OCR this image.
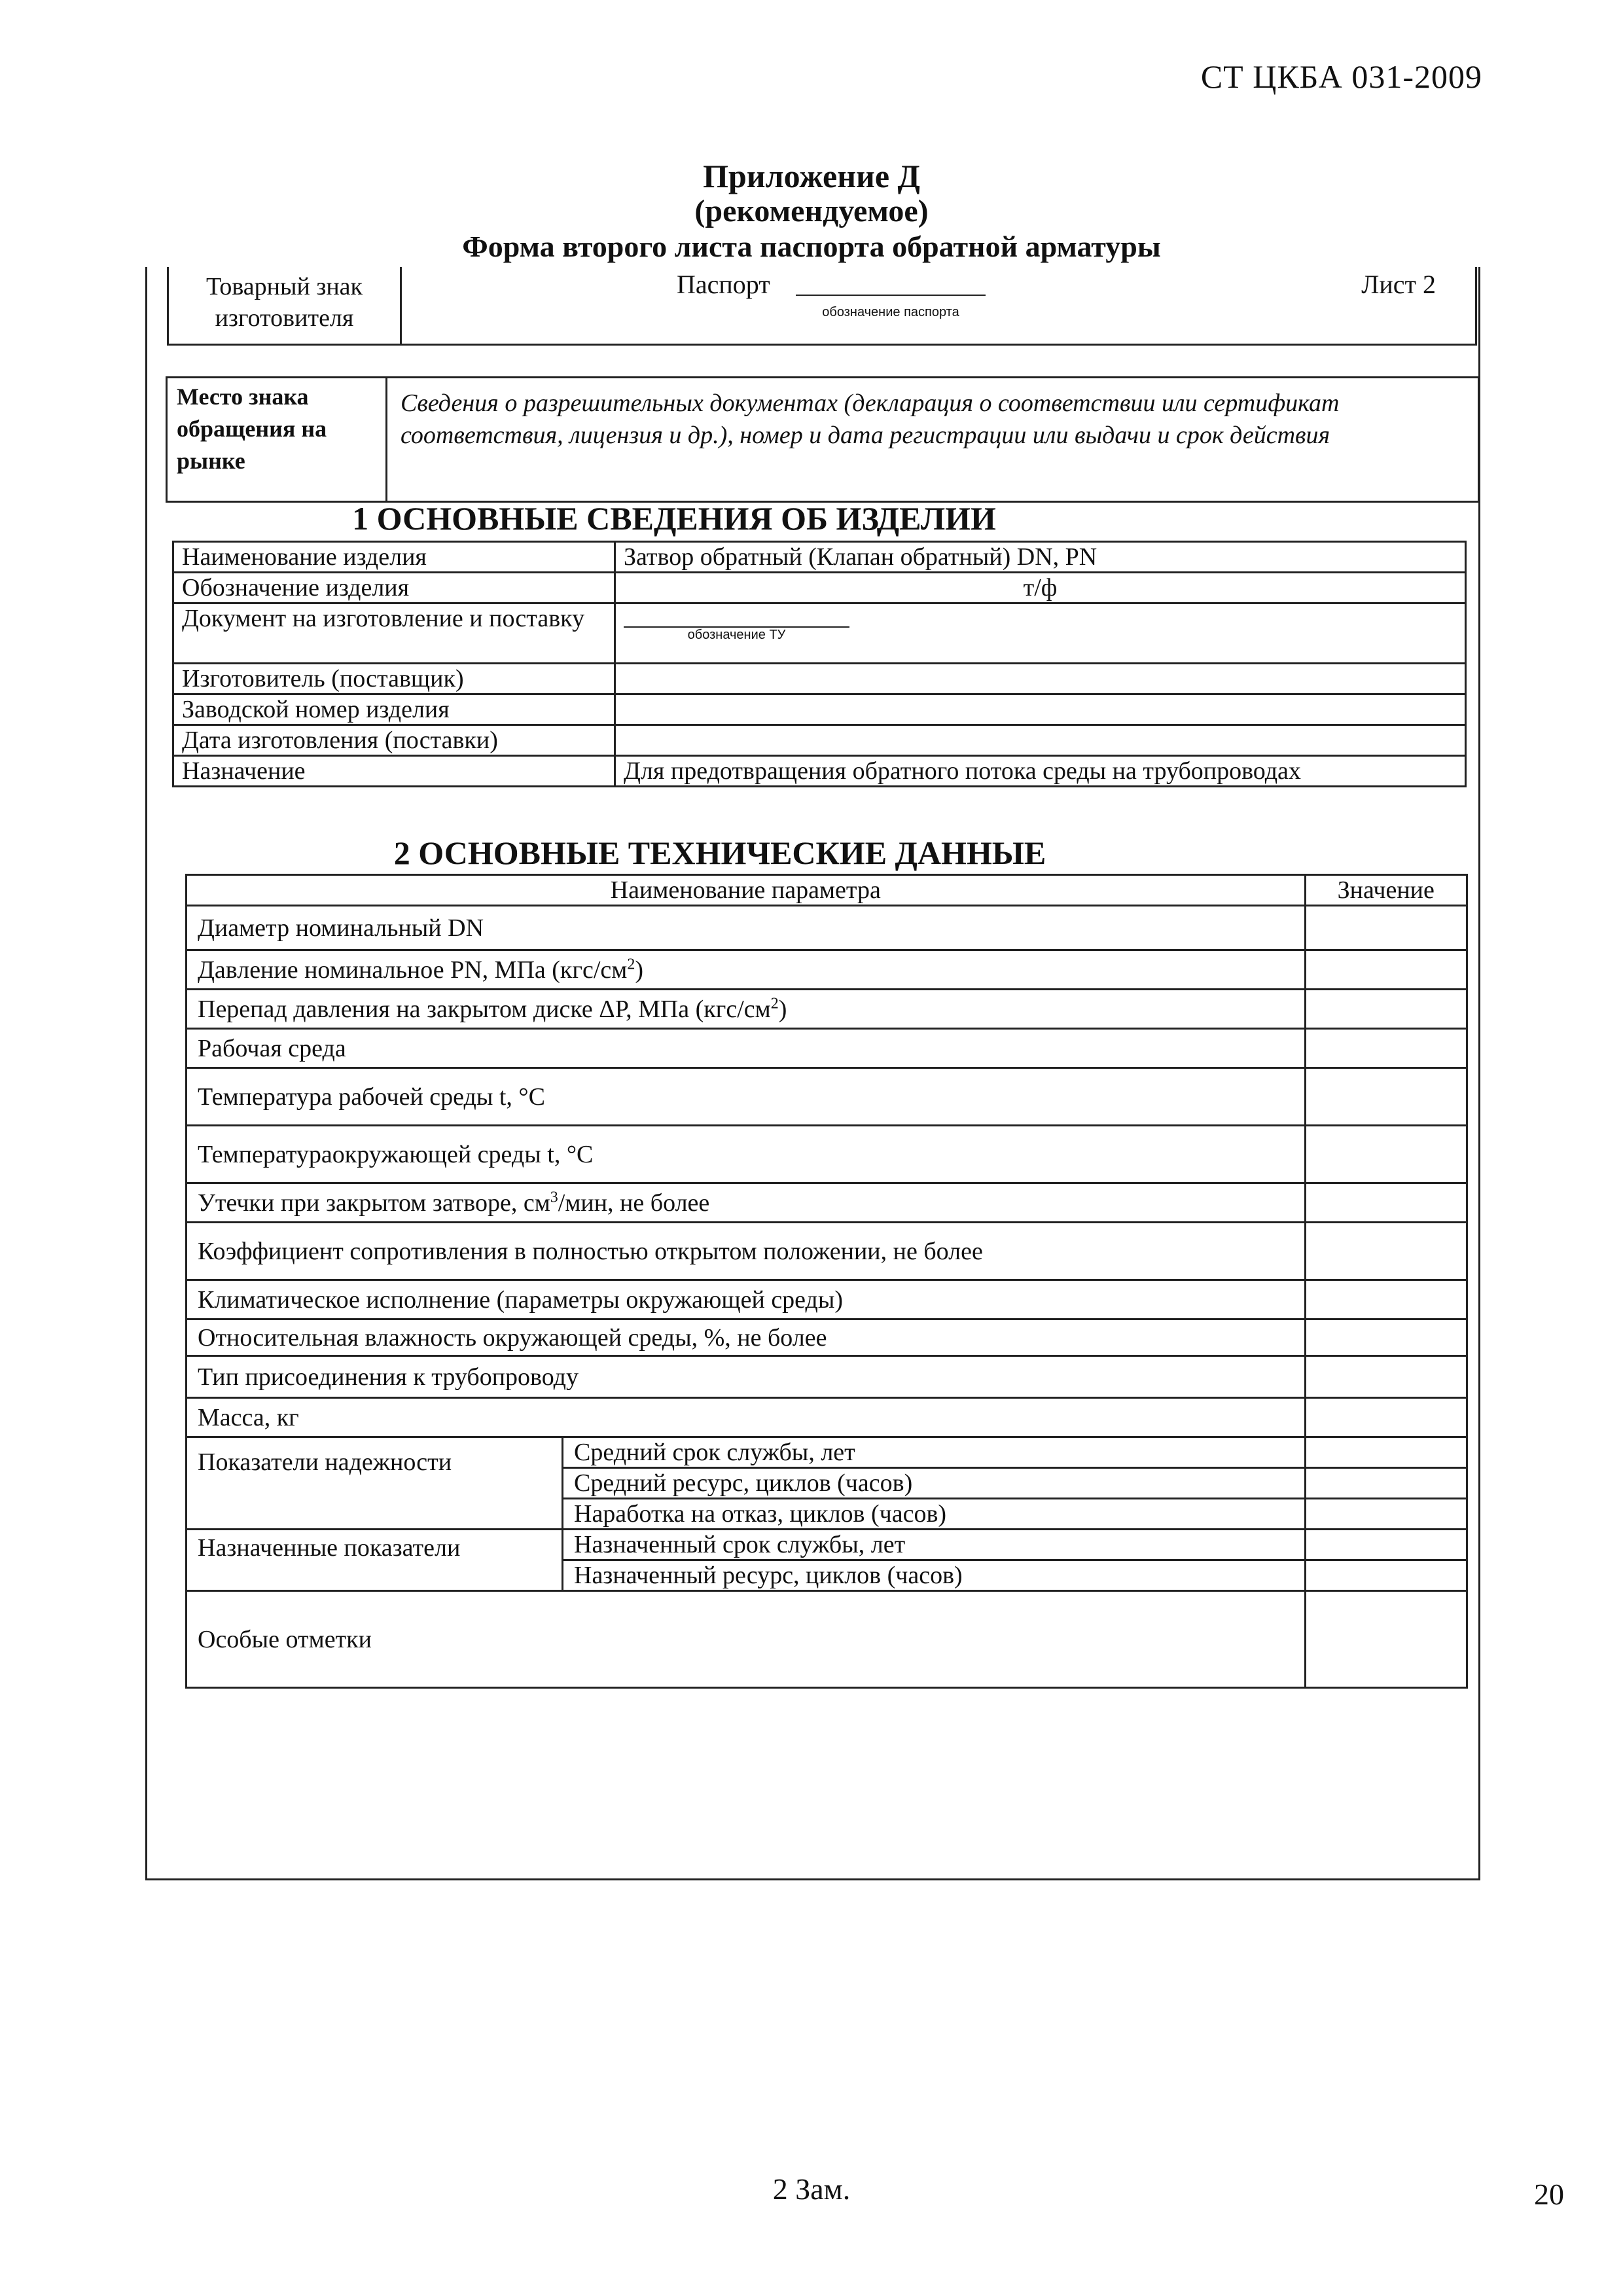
СТ ЦКБА 031-2009
Приложение Д
(рекомендуемое)
Форма второго листа паспорта обратной арматуры
Товарный знак изготовителя	
Паспорт
обозначение паспорта
Лист 2
Место знака обращения на рынке	Сведения о разрешительных документах (декларация о соответствии или сертификат соответствия, лицензия и др.), номер и дата регистрации или выдачи и срок действия
1 ОСНОВНЫЕ СВЕДЕНИЯ ОБ ИЗДЕЛИИ
Наименование изделия	Затвор обратный (Клапан обратный) DN, PN
Обозначение изделия	т/ф
Документ на изготовление и поставку	обозначение ТУ

Изготовитель (поставщик)	
Заводской номер изделия	
Дата изготовления (поставки)	
Назначение	Для предотвращения обратного потока среды на трубопроводах
2 ОСНОВНЫЕ ТЕХНИЧЕСКИЕ ДАННЫЕ
Наименование параметра		Значение
Диаметр номинальный DN		
Давление номинальное PN, МПа $(кгс/см^2)$		
Перепад давления на закрытом диске ΔР, МПа $(кгс/см^2)$		
Рабочая среда		
Температура рабочей среды t, °С		
Температураокружающей среды t, °С		
Утечки при закрытом затворе, $см^3$/мин, не более		
Коэффициент сопротивления в полностью открытом положении, не более		
Климатическое исполнение (параметры окружающей среды)		
Относительная влажность окружающей среды, %, не более		
Тип присоединения к трубопроводу		
Масса, кг		
Показатели надежности	Средний срок службы, лет	
	Средний ресурс, циклов (часов)	
	Наработка на отказ, циклов (часов)	
Назначенные показатели	Назначенный срок службы, лет	
	Назначенный ресурс, циклов (часов)	
Особые отметки		
2 Зам.	20
